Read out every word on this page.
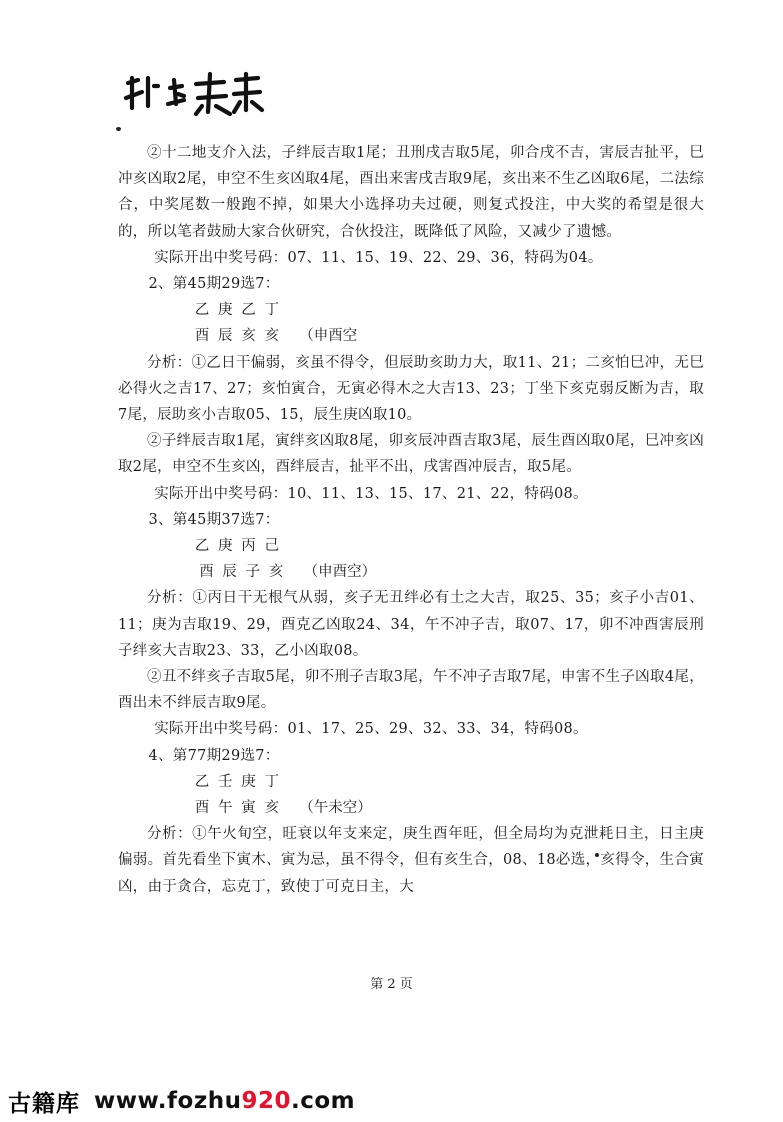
②十二地支介入法，子绊辰吉取1尾；丑刑戌吉取5尾，卯合戌不吉，害辰吉扯平，巳冲亥凶取2尾，申空不生亥凶取4尾，酉出来害戌吉取9尾，亥出来不生乙凶取6尾，二法综合，中奖尾数一般跑不掉，如果大小选择功夫过硬，则复式投注，中大奖的希望是很大的，所以笔者鼓励大家合伙研究，合伙投注，既降低了风险，又减少了遗憾。

实际开出中奖号码：07、11、15、19、22、29、36，特码为04。

2、第45期29选7：

乙庚乙丁

酉辰亥亥 （申酉空

分析：①乙日干偏弱，亥虽不得令，但辰助亥助力大，取11、21；二亥怕巳冲，无巳必得火之吉17、27；亥怕寅合，无寅必得木之大吉13、23；丁坐下亥克弱反断为吉，取7尾，辰助亥小吉取05、15，辰生庚凶取10。

②子绊辰吉取1尾，寅绊亥凶取8尾，卯亥辰冲酉吉取3尾，辰生酉凶取0尾，巳冲亥凶取2尾，申空不生亥凶，酉绊辰吉，扯平不出，戌害酉冲辰吉，取5尾。

实际开出中奖号码：10、11、13、15、17、21、22，特码08。

3、第45期37选7：

乙庚丙己

酉辰子亥 （申酉空）

分析：①丙日干无根气从弱，亥子无丑绊必有土之大吉，取25、35；亥子小吉01、11；庚为吉取19、29，酉克乙凶取24、34，午不冲子吉，取07、17，卯不冲酉害辰刑子绊亥大吉取23、33，乙小凶取08。

②丑不绊亥子吉取5尾，卯不刑子吉取3尾，午不冲子吉取7尾，申害不生子凶取4尾，酉出未不绊辰吉取9尾。

实际开出中奖号码：01、17、25、29、32、33、34，特码08。

4、第77期29选7：

乙壬庚丁

酉午寅亥 （午未空）

分析：①午火旬空，旺衰以年支来定，庚生酉年旺，但全局均为克泄耗日主，日主庚偏弱。首先看坐下寅木、寅为忌，虽不得令，但有亥生合，08、18必选，亥得令，生合寅凶，由于贪合，忘克丁，致使丁可克日主，大

第 2 页
古籍库 www.fozhu920.com
